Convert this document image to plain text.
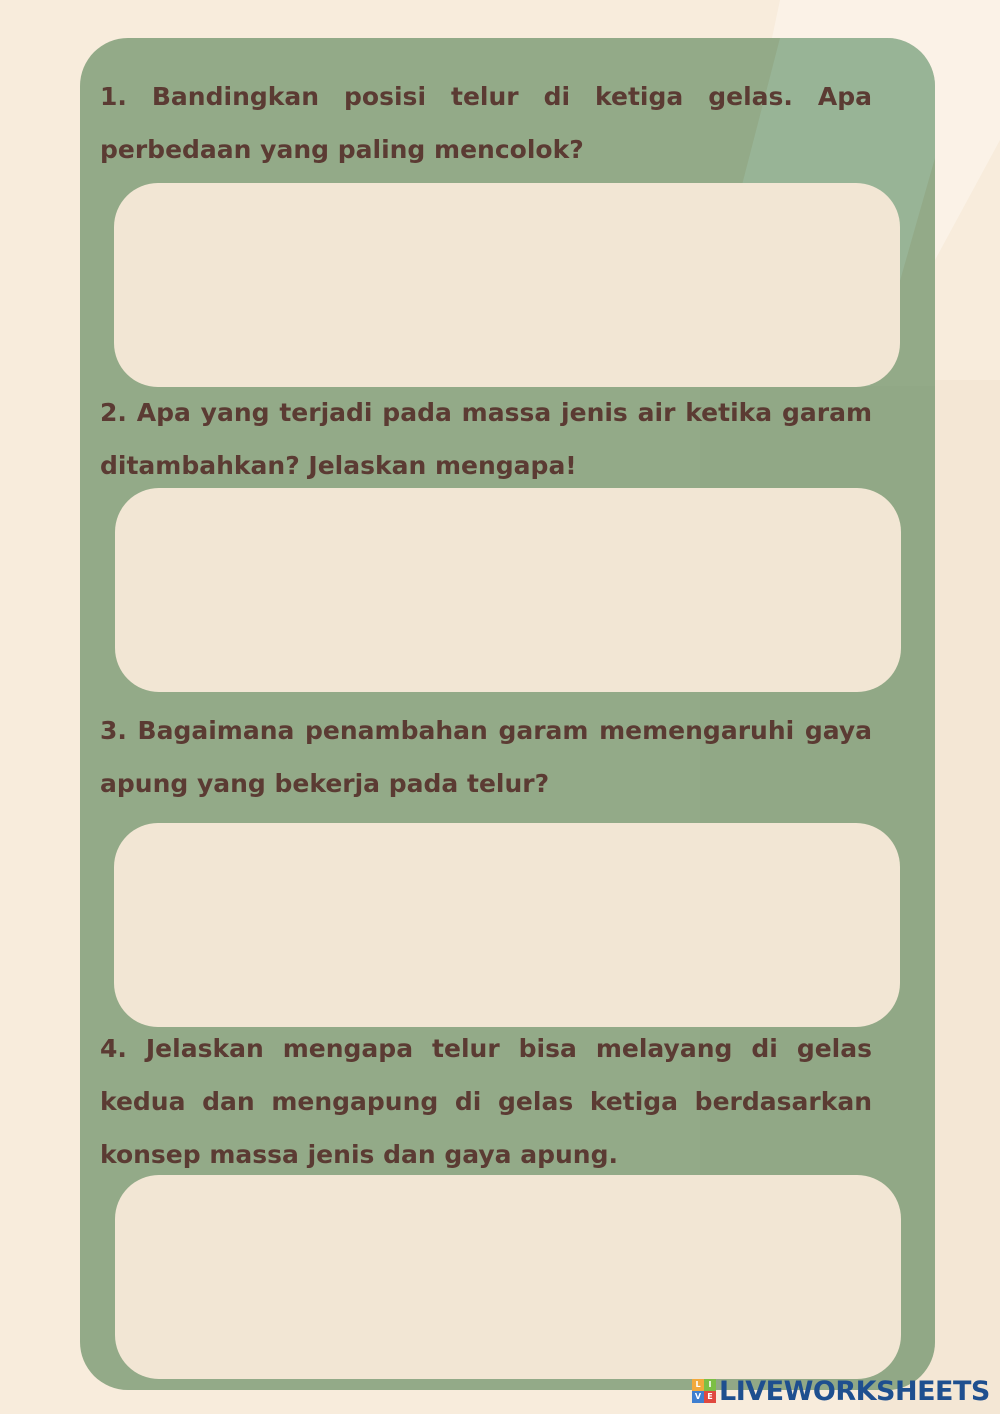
1. Bandingkan posisi telur di ketiga gelas. Apa perbedaan yang paling mencolok?

2. Apa yang terjadi pada massa jenis air ketika garam ditambahkan? Jelaskan mengapa!

3. Bagaimana penambahan garam memengaruhi gaya apung yang bekerja pada telur?

4. Jelaskan mengapa telur bisa melayang di gelas kedua dan mengapung di gelas ketiga berdasarkan konsep massa jenis dan gaya apung.

L I
V E LIVEWORKSHEETS
